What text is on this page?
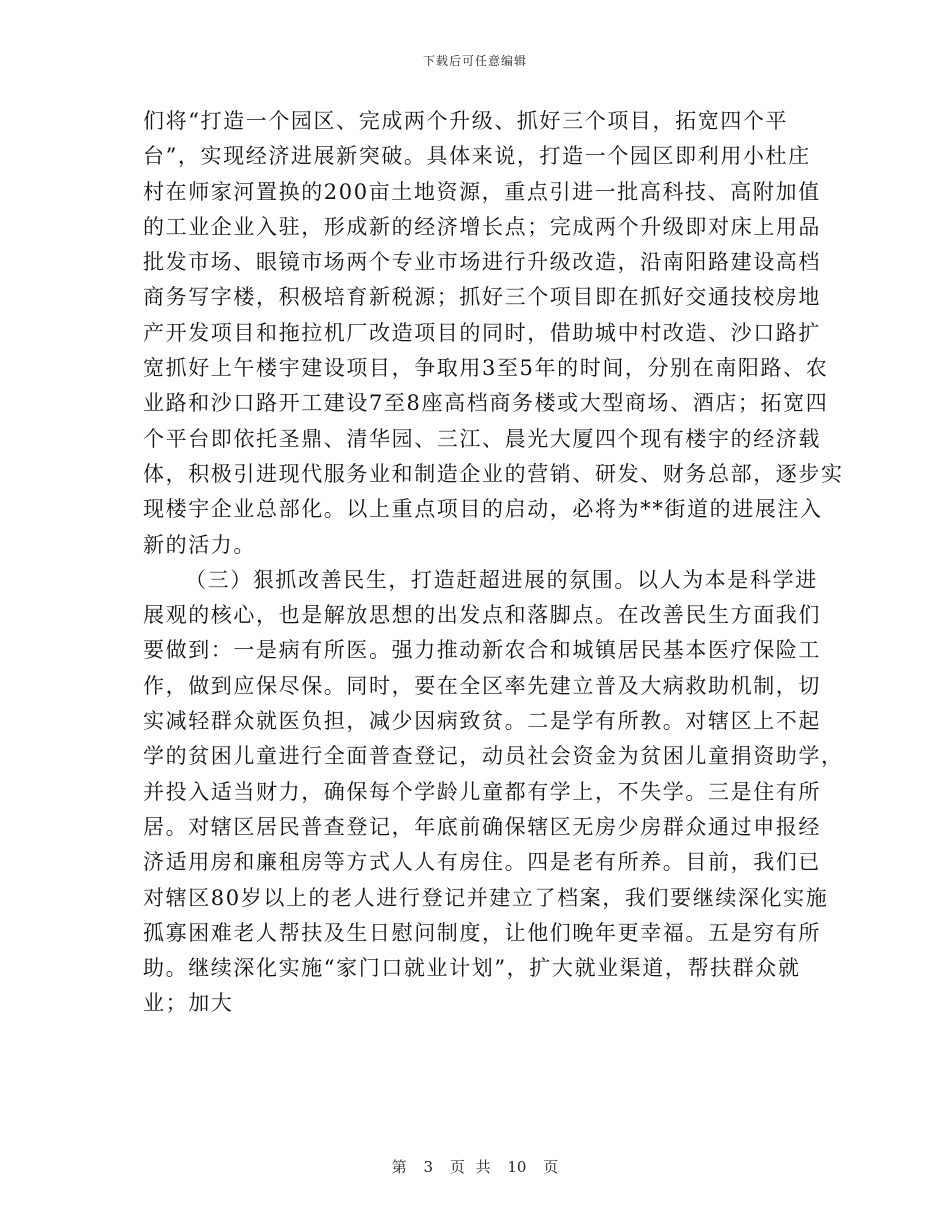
下载后可任意编辑
们将“打造一个园区、完成两个升级、抓好三个项目，拓宽四个平
台”，实现经济进展新突破。具体来说，打造一个园区即利用小杜庄
村在师家河置换的200亩土地资源，重点引进一批高科技、高附加值
的工业企业入驻，形成新的经济增长点；完成两个升级即对床上用品
批发市场、眼镜市场两个专业市场进行升级改造，沿南阳路建设高档
商务写字楼，积极培育新税源；抓好三个项目即在抓好交通技校房地
产开发项目和拖拉机厂改造项目的同时，借助城中村改造、沙口路扩
宽抓好上午楼宇建设项目，争取用3至5年的时间，分别在南阳路、农
业路和沙口路开工建设7至8座高档商务楼或大型商场、酒店；拓宽四
个平台即依托圣鼎、清华园、三江、晨光大厦四个现有楼宇的经济载
体，积极引进现代服务业和制造企业的营销、研发、财务总部，逐步实
现楼宇企业总部化。以上重点项目的启动，必将为**街道的进展注入
新的活力。
（三）狠抓改善民生，打造赶超进展的氛围。以人为本是科学进
展观的核心，也是解放思想的出发点和落脚点。在改善民生方面我们
要做到：一是病有所医。强力推动新农合和城镇居民基本医疗保险工
作，做到应保尽保。同时，要在全区率先建立普及大病救助机制，切
实减轻群众就医负担，减少因病致贫。二是学有所教。对辖区上不起
学的贫困儿童进行全面普查登记，动员社会资金为贫困儿童捐资助学，
并投入适当财力，确保每个学龄儿童都有学上，不失学。三是住有所
居。对辖区居民普查登记，年底前确保辖区无房少房群众通过申报经
济适用房和廉租房等方式人人有房住。四是老有所养。目前，我们已
对辖区80岁以上的老人进行登记并建立了档案，我们要继续深化实施
孤寡困难老人帮扶及生日慰问制度，让他们晚年更幸福。五是穷有所
助。继续深化实施“家门口就业计划”，扩大就业渠道，帮扶群众就
业；加大
第 3 页 共 10 页
